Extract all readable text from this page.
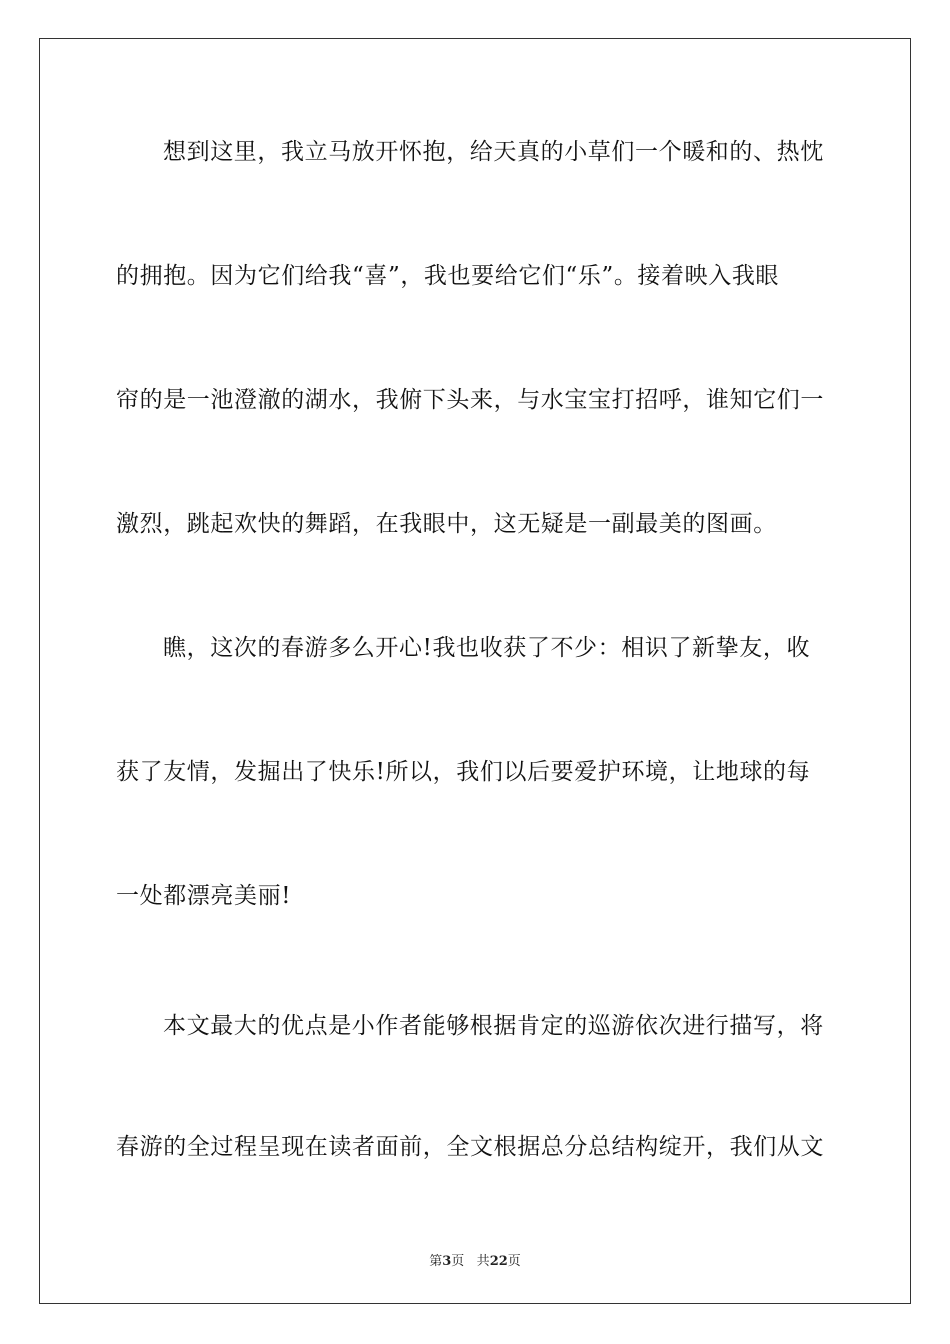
想到这里，我立马放开怀抱，给天真的小草们一个暖和的、热忱
的拥抱。因为它们给我“喜”，我也要给它们“乐”。接着映入我眼
帘的是一池澄澈的湖水，我俯下头来，与水宝宝打招呼，谁知它们一
激烈，跳起欢快的舞蹈，在我眼中，这无疑是一副最美的图画。
瞧，这次的春游多么开心!我也收获了不少：相识了新挚友，收
获了友情，发掘出了快乐!所以，我们以后要爱护环境，让地球的每
一处都漂亮美丽!
本文最大的优点是小作者能够根据肯定的巡游依次进行描写，将
春游的全过程呈现在读者面前，全文根据总分总结构绽开，我们从文
第3页 共22页
